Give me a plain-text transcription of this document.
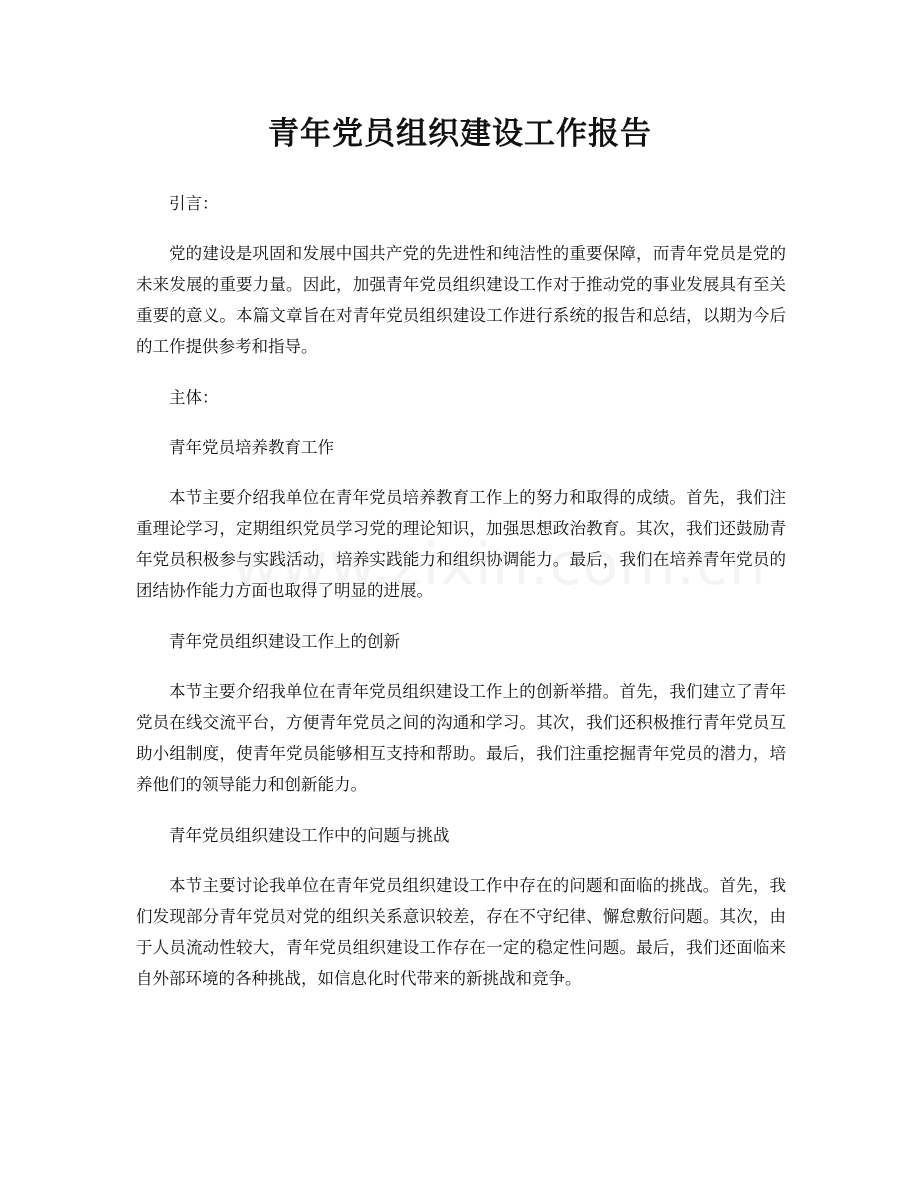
青年党员组织建设工作报告

引言：

党的建设是巩固和发展中国共产党的先进性和纯洁性的重要保障，而青年党员是党的未来发展的重要力量。因此，加强青年党员组织建设工作对于推动党的事业发展具有至关重要的意义。本篇文章旨在对青年党员组织建设工作进行系统的报告和总结，以期为今后的工作提供参考和指导。

主体：

青年党员培养教育工作

本节主要介绍我单位在青年党员培养教育工作上的努力和取得的成绩。首先，我们注重理论学习，定期组织党员学习党的理论知识，加强思想政治教育。其次，我们还鼓励青年党员积极参与实践活动，培养实践能力和组织协调能力。最后，我们在培养青年党员的团结协作能力方面也取得了明显的进展。

青年党员组织建设工作上的创新

本节主要介绍我单位在青年党员组织建设工作上的创新举措。首先，我们建立了青年党员在线交流平台，方便青年党员之间的沟通和学习。其次，我们还积极推行青年党员互助小组制度，使青年党员能够相互支持和帮助。最后，我们注重挖掘青年党员的潜力，培养他们的领导能力和创新能力。

青年党员组织建设工作中的问题与挑战

本节主要讨论我单位在青年党员组织建设工作中存在的问题和面临的挑战。首先，我们发现部分青年党员对党的组织关系意识较差，存在不守纪律、懈怠敷衍问题。其次，由于人员流动性较大，青年党员组织建设工作存在一定的稳定性问题。最后，我们还面临来自外部环境的各种挑战，如信息化时代带来的新挑战和竞争。
